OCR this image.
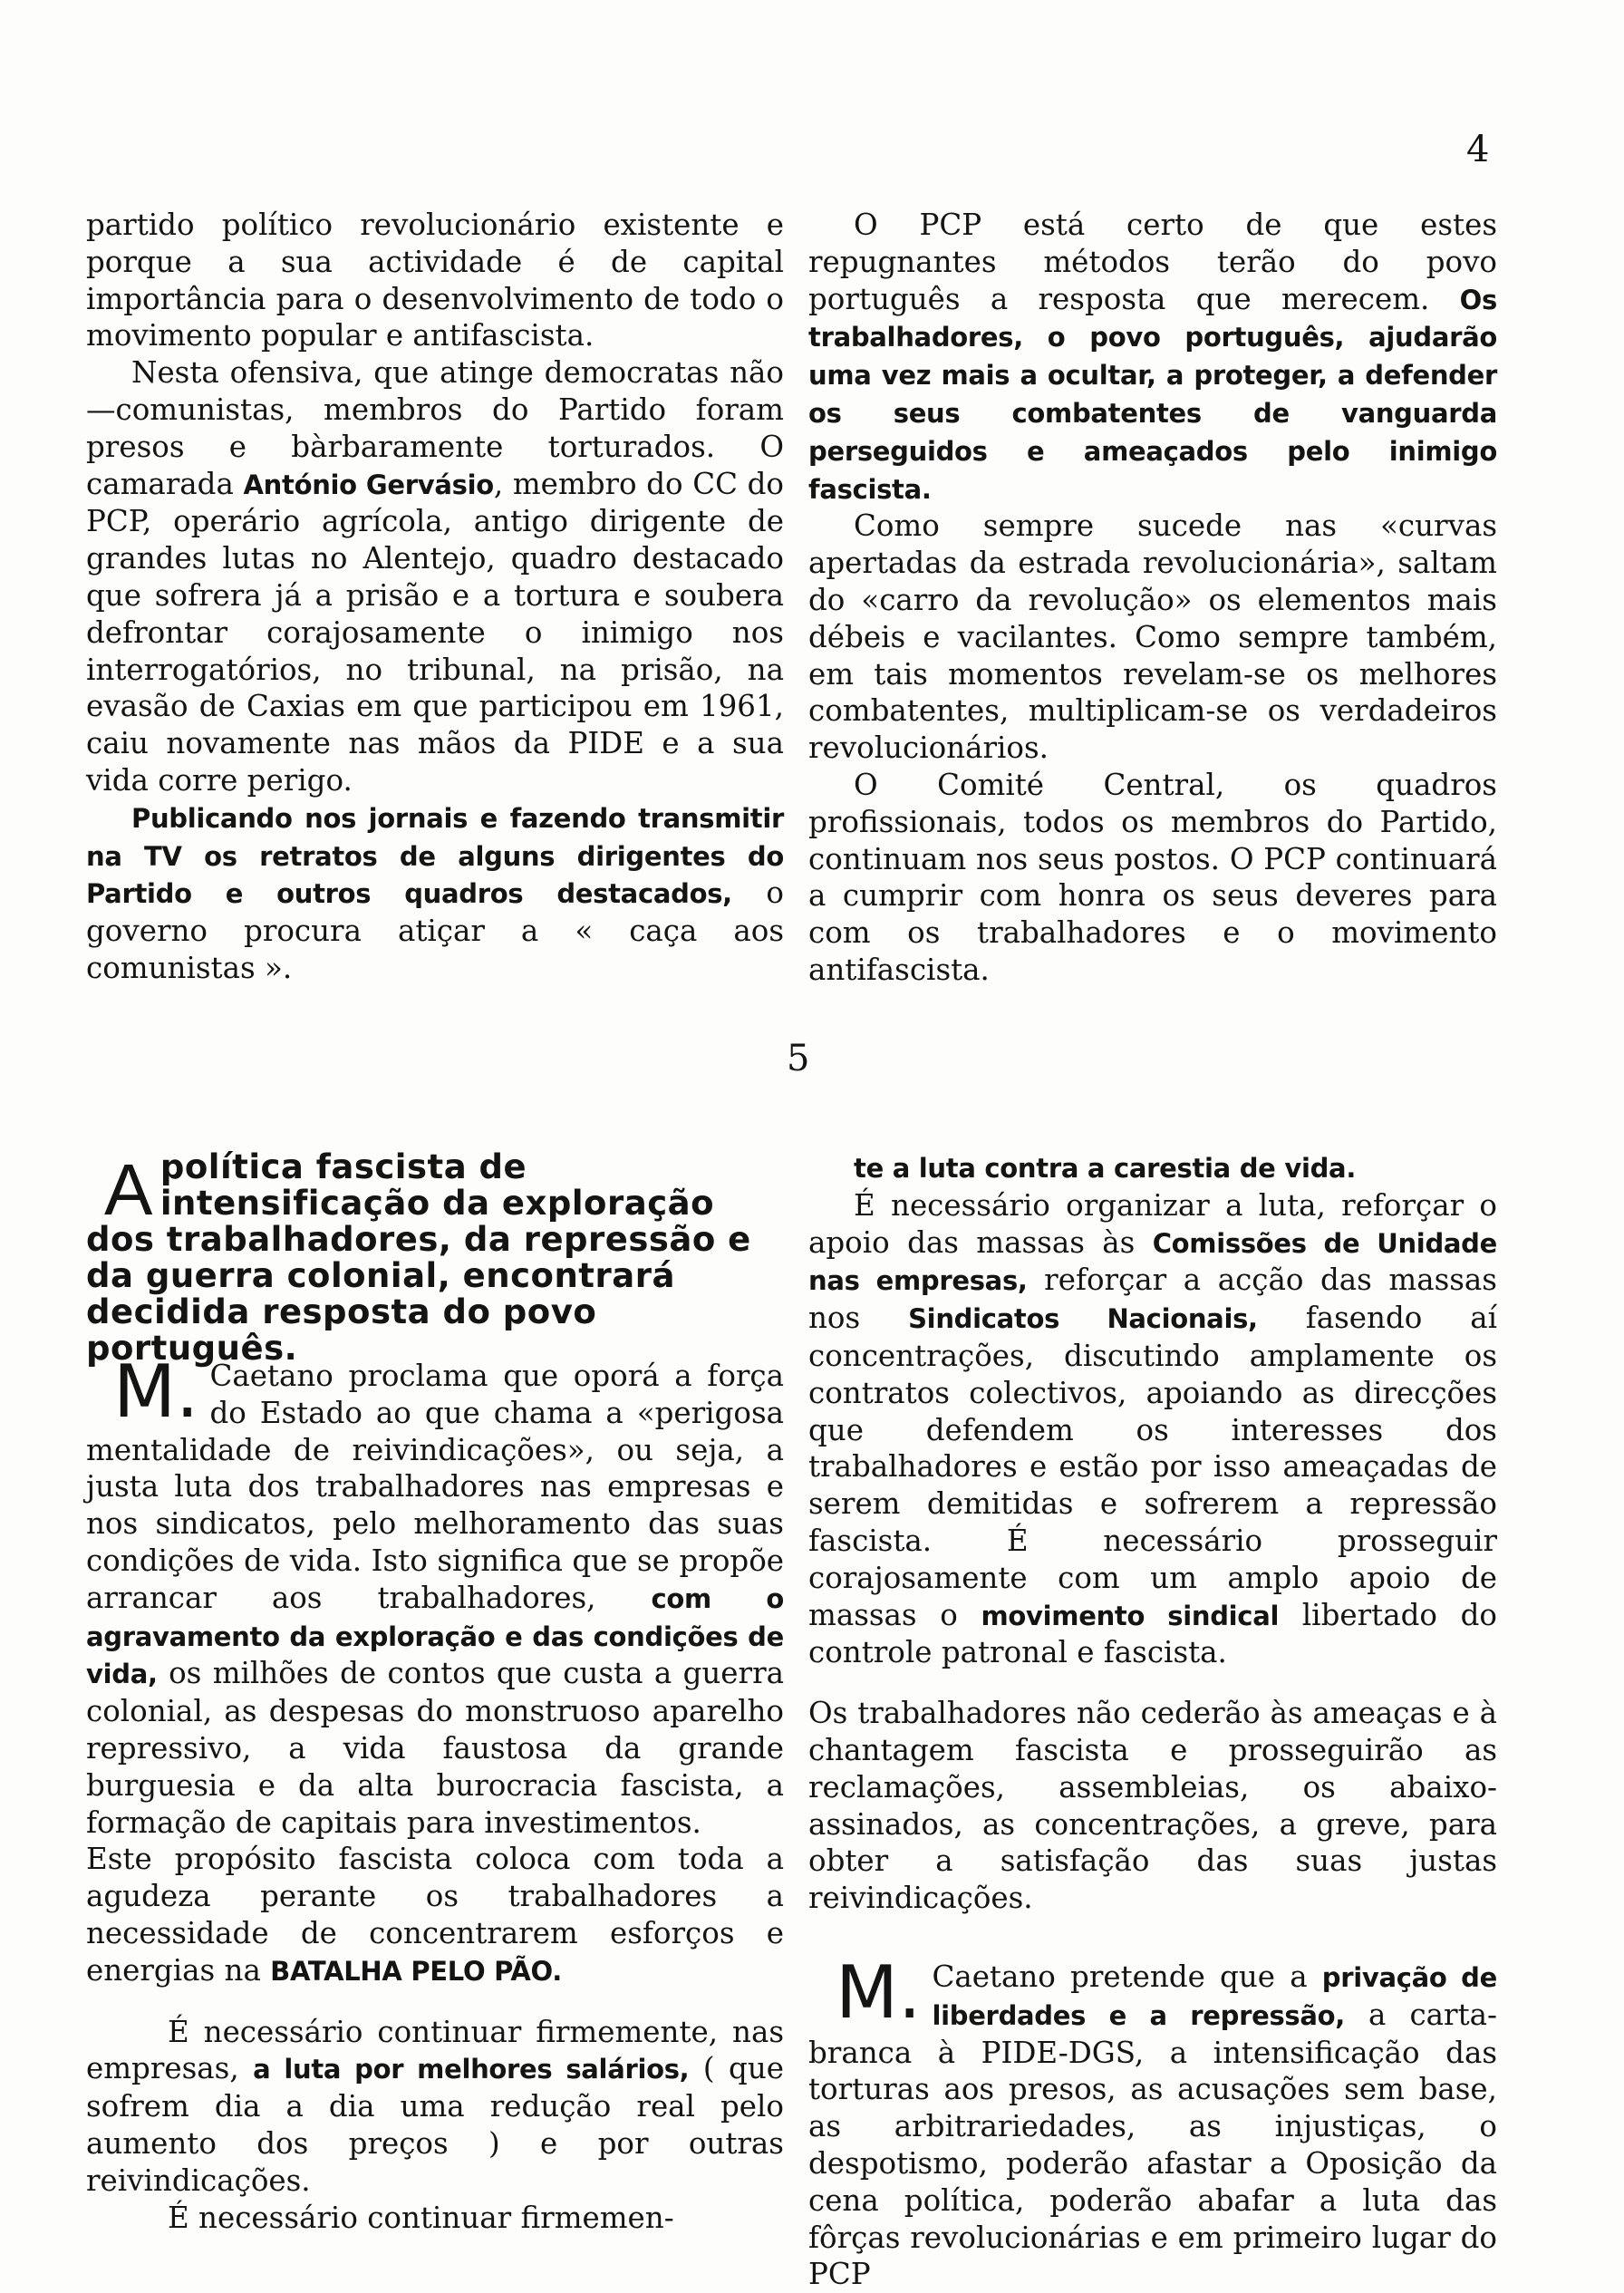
4

partido político revolucionário existente e porque a sua actividade é de capital importância para o desenvolvimento de todo o movimento popular e antifascista.

Nesta ofensiva, que atinge democratas não—comunistas, membros do Partido foram presos e bàrbaramente torturados. O camarada António Gervásio, membro do CC do PCP, operário agrícola, antigo dirigente de grandes lutas no Alentejo, quadro destacado que sofrera já a prisão e a tortura e soubera defrontar corajosamente o inimigo nos interrogatórios, no tribunal, na prisão, na evasão de Caxias em que participou em 1961, caiu novamente nas mãos da PIDE e a sua vida corre perigo.

Publicando nos jornais e fazendo transmitir na TV os retratos de alguns dirigentes do Partido e outros quadros destacados, o governo procura atiçar a « caça aos comunistas ».

O PCP está certo de que estes repugnantes métodos terão do povo português a resposta que merecem. Os trabalhadores, o povo português, ajudarão uma vez mais a ocultar, a proteger, a defender os seus combatentes de vanguarda perseguidos e ameaçados pelo inimigo fascista.

Como sempre sucede nas «curvas apertadas da estrada revolucionária», saltam do «carro da revolução» os elementos mais débeis e vacilantes. Como sempre também, em tais momentos revelam-se os melhores combatentes, multiplicam-se os verdadeiros revolucionários.

O Comité Central, os quadros profissionais, todos os membros do Partido, continuam nos seus postos. O PCP continuará a cumprir com honra os seus deveres para com os trabalhadores e o movimento antifascista.

5
A política fascista de intensificação da exploração dos trabalhadores, da repressão e da guerra colonial, encontrará decidida resposta do povo português.

M. Caetano proclama que oporá a força do Estado ao que chama a «perigosa mentalidade de reivindicações», ou seja, a justa luta dos trabalhadores nas empresas e nos sindicatos, pelo melhoramento das suas condições de vida. Isto significa que se propõe arrancar aos trabalhadores, com o agravamento da exploração e das condições de vida, os milhões de contos que custa a guerra colonial, as despesas do monstruoso aparelho repressivo, a vida faustosa da grande burguesia e da alta burocracia fascista, a formação de capitais para investimentos.

Este propósito fascista coloca com toda a agudeza perante os trabalhadores a necessidade de concentrarem esforços e energias na BATALHA PELO PÃO.

É necessário continuar firmemente, nas empresas, a luta por melhores salários, ( que sofrem dia a dia uma redução real pelo aumento dos preços ) e por outras reivindicações.

É necessário continuar firmemen-

te a luta contra a carestia de vida.

É necessário organizar a luta, reforçar o apoio das massas às Comissões de Unidade nas empresas, reforçar a acção das massas nos Sindicatos Nacionais, fasendo aí concentrações, discutindo amplamente os contratos colectivos, apoiando as direcções que defendem os interesses dos trabalhadores e estão por isso ameaçadas de serem demitidas e sofrerem a repressão fascista. É necessário prosseguir corajosamente com um amplo apoio de massas o movimento sindical libertado do controle patronal e fascista.

Os trabalhadores não cederão às ameaças e à chantagem fascista e prosseguirão as reclamações, assembleias, os abaixo-assinados, as concentrações, a greve, para obter a satisfação das suas justas reivindicações.

M. Caetano pretende que a privação de liberdades e a repressão, a carta-branca à PIDE-DGS, a intensificação das torturas aos presos, as acusações sem base, as arbitrariedades, as injustiças, o despotismo, poderão afastar a Oposição da cena política, poderão abafar a luta das fôrças revolucionárias e em primeiro lugar do PCP
